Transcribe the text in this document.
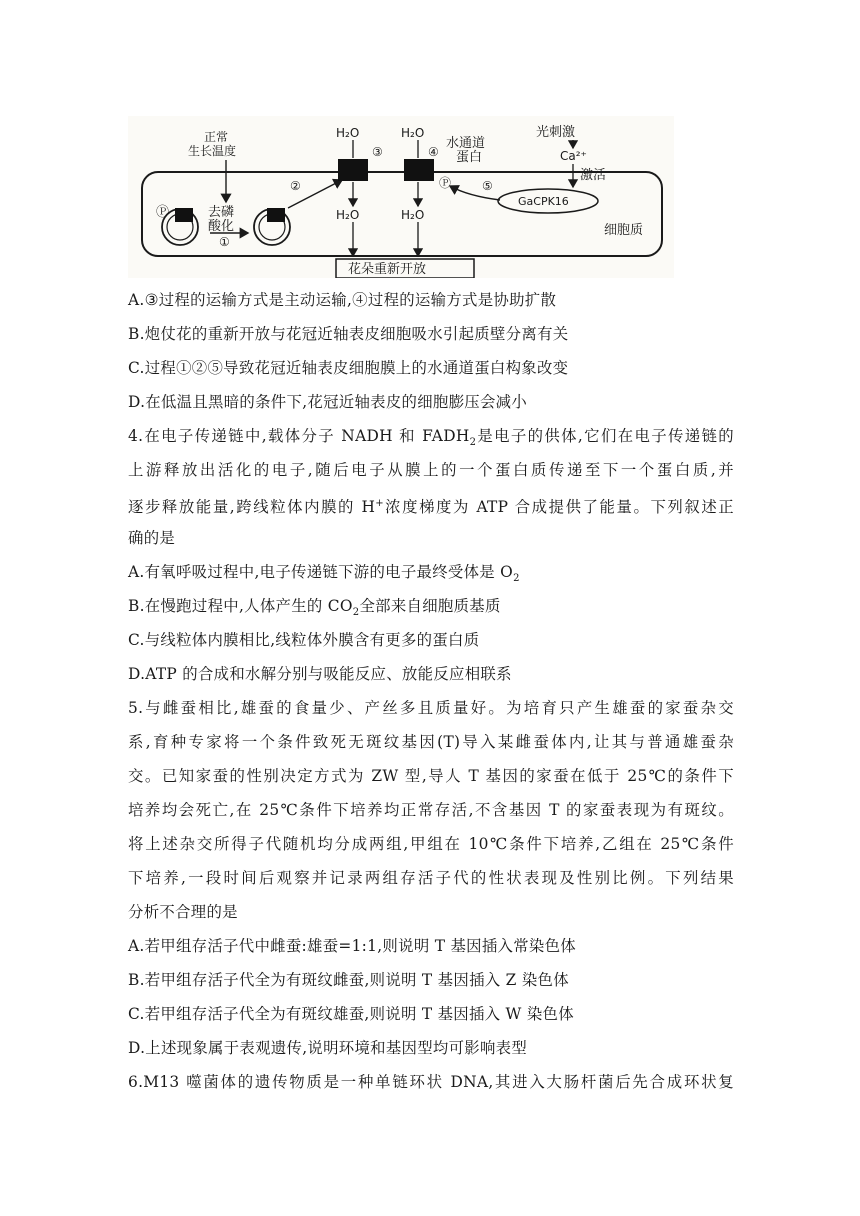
正常
生长温度
Ⓟ	去磷
酸化
①
②
H₂O
③
H₂O
H₂O
④
水通道
蛋白
Ⓟ
H₂O
GaCPK16
⑤
光刺激
Ca²⁺
激活
细胞质
花朵重新开放
A.③过程的运输方式是主动运输,④过程的运输方式是协助扩散
B.炮仗花的重新开放与花冠近轴表皮细胞吸水引起质壁分离有关
C.过程①②⑤导致花冠近轴表皮细胞膜上的水通道蛋白构象改变
D.在低温且黑暗的条件下,花冠近轴表皮的细胞膨压会减小
4.在电子传递链中,载体分子 NADH 和 $FADH_2$是电子的供体,它们在电子传递链的
上游释放出活化的电子,随后电子从膜上的一个蛋白质传递至下一个蛋白质,并
逐步释放能量,跨线粒体内膜的 H+浓度梯度为 ATP 合成提供了能量。下列叙述正
确的是
A.有氧呼吸过程中,电子传递链下游的电子最终受体是 $O_2$
B.在慢跑过程中,人体产生的 $CO_2$全部来自细胞质基质
C.与线粒体内膜相比,线粒体外膜含有更多的蛋白质
D.ATP 的合成和水解分别与吸能反应、放能反应相联系
5.与雌蚕相比,雄蚕的食量少、产丝多且质量好。为培育只产生雄蚕的家蚕杂交
系,育种专家将一个条件致死无斑纹基因(T)导入某雌蚕体内,让其与普通雄蚕杂
交。已知家蚕的性别决定方式为 ZW 型,导人 T 基因的家蚕在低于 25℃的条件下
培养均会死亡,在 25℃条件下培养均正常存活,不含基因 T 的家蚕表现为有斑纹。
将上述杂交所得子代随机均分成两组,甲组在 10℃条件下培养,乙组在 25℃条件
下培养,一段时间后观察并记录两组存活子代的性状表现及性别比例。下列结果
分析不合理的是
A.若甲组存活子代中雌蚕:雄蚕=1:1,则说明 T 基因插入常染色体
B.若甲组存活子代全为有斑纹雌蚕,则说明 T 基因插入 Z 染色体
C.若甲组存活子代全为有斑纹雄蚕,则说明 T 基因插入 W 染色体
D.上述现象属于表观遗传,说明环境和基因型均可影响表型
6.M13 噬菌体的遗传物质是一种单链环状 DNA,其进入大肠杆菌后先合成环状复
